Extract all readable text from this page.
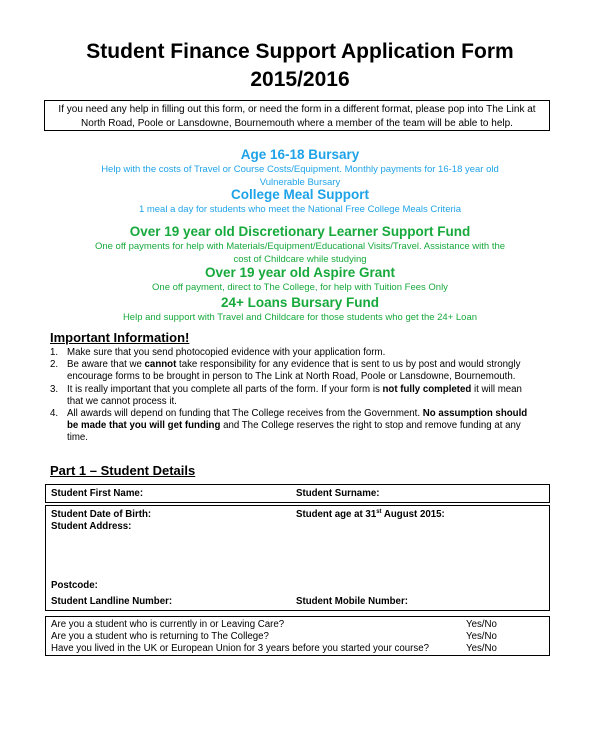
Student Finance Support Application Form
2015/2016
If you need any help in filling out this form, or need the form in a different format, please pop into The Link at
North Road, Poole or Lansdowne, Bournemouth where a member of the team will be able to help.
Age 16-18 Bursary

Help with the costs of Travel or Course Costs/Equipment. Monthly payments for 16-18 year old

Vulnerable Bursary

College Meal Support

1 meal a day for students who meet the National Free College Meals Criteria

Over 19 year old Discretionary Learner Support Fund

One off payments for help with Materials/Equipment/Educational Visits/Travel. Assistance with the

cost of Childcare while studying

Over 19 year old Aspire Grant

One off payment, direct to The College, for help with Tuition Fees Only

24+ Loans Bursary Fund

Help and support with Travel and Childcare for those students who get the 24+ Loan

Important Information!
1. Make sure that you send photocopied evidence with your application form.
2. Be aware that we cannot take responsibility for any evidence that is sent to us by post and would strongly encourage forms to be brought in person to The Link at North Road, Poole or Lansdowne, Bournemouth.
3. It is really important that you complete all parts of the form. If your form is not fully completed it will mean that we cannot process it.
4. All awards will depend on funding that The College receives from the Government. No assumption should be made that you will get funding and The College reserves the right to stop and remove funding at any time.
Part 1 – Student Details
Student First Name:	Student Surname:
Student Date of Birth:	Student age at 31st August 2015:
Student Address:
Postcode:
Student Landline Number:	Student Mobile Number:
Are you a student who is currently in or Leaving Care?	Yes/No
Are you a student who is returning to The College?	Yes/No
Have you lived in the UK or European Union for 3 years before you started your course?	Yes/No
